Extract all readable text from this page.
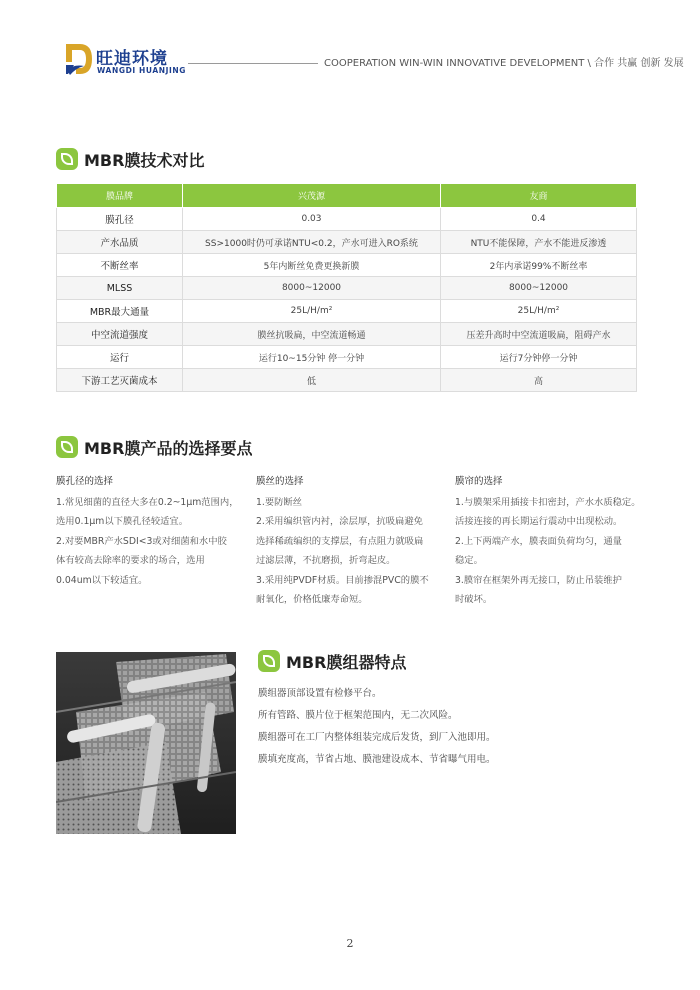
旺迪环境
WANGDI HUANJING
COOPERATION WIN-WIN INNOVATIVE DEVELOPMENT \ 合作 共赢 创新 发展
MBR膜技术对比
膜品牌	兴茂源	友商
膜孔径	0.03	0.4
产水品质	SS>1000时仍可承诺NTU<0.2，产水可进入RO系统	NTU不能保障，产水不能进反渗透
不断丝率	5年内断丝免费更换新膜	2年内承诺99%不断丝率
MLSS	8000~12000	8000~12000
MBR最大通量	25L/H/m²	25L/H/m²
中空流道强度	膜丝抗吸扁，中空流道畅通	压差升高时中空流道吸扁，阻碍产水
运行	运行10~15分钟 停一分钟	运行7分钟停一分钟
下游工艺灭菌成本	低	高
MBR膜产品的选择要点
膜孔径的选择
1.常见细菌的直径大多在0.2~1μm范围内，
选用0.1μm以下膜孔径较适宜。
2.对要MBR产水SDI<3或对细菌和水中胶
体有较高去除率的要求的场合，选用
0.04um以下较适宜。
膜丝的选择
1.要防断丝
2.采用编织管内衬，涂层厚，抗吸扁避免
选择稀疏编织的支撑层，有点阻力就吸扁
过滤层薄，不抗磨损，折弯起皮。
3.采用纯PVDF材质。目前掺混PVC的膜不
耐氧化，价格低廉寿命短。
膜帘的选择
1.与膜架采用插接卡扣密封，产水水质稳定。
活接连接的再长期运行震动中出现松动。
2.上下两端产水，膜表面负荷均匀，通量
稳定。
3.膜帘在框架外再无接口，防止吊装维护
时破坏。
MBR膜组器特点
膜组器顶部设置有检修平台。
所有管路、膜片位于框架范围内，无二次风险。
膜组器可在工厂内整体组装完成后发货，到厂入池即用。
膜填充度高，节省占地、膜池建设成本、节省曝气用电。
2
